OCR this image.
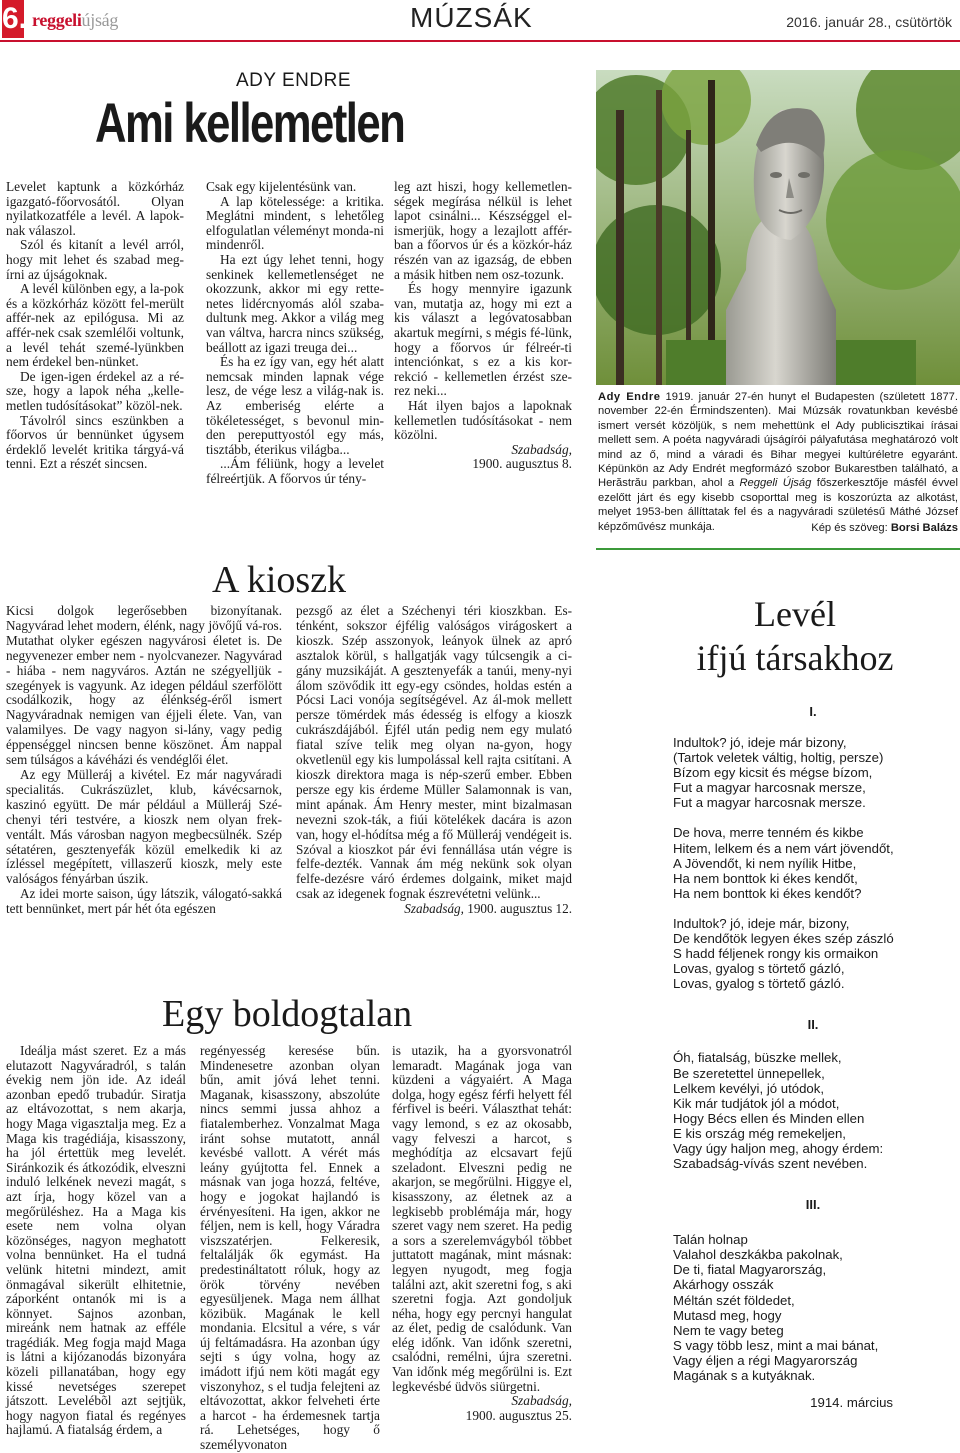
6. reggeliújság	MÚZSÁK	2016. január 28., csütörtök
ADY ENDRE
Ami kellemetlen

Levelet kaptunk a közkórház igazgató-főorvosától. Olyan nyilatkozatféle a levél. A lapok-nak válaszol.

Szól és kitanít a levél arról, hogy mit lehet és szabad meg-írni az újságoknak.

A levél különben egy, a la-pok és a közkórház között fel-merült affér-nek az epilógusa. Mi az affér-nek csak szemlélői voltunk, a levél tehát szemé-lyünkben nem érdekel ben-nünket.

De igen-igen érdekel az a ré-sze, hogy a lapok néha „kelle-metlen tudósításokat” közöl-nek.

Távolról sincs eszünkben a főorvos úr bennünket úgysem érdeklő levelét kritika tárgyá-vá tenni. Ezt a részét sincsen.

Csak egy kijelentésünk van.

A lap kötelessége: a kritika. Meglátni mindent, s lehetőleg elfogulatlan véleményt monda-ni mindenről.

Ha ezt úgy lehet tenni, hogy senkinek kellemetlenséget ne okozzunk, akkor mi egy rette-netes lidércnyomás alól szaba-dultunk meg. Akkor a világ meg van váltva, harcra nincs szükség, beállott az igazi treuga dei...

És ha ez így van, egy hét alatt nemcsak minden lapnak vége lesz, de vége lesz a világ-nak is. Az emberiség elérte a tökéletességet, s bevonul min-den pereputtyostól egy más, tisztább, éterikus világba...

...Ám féliünk, hogy a levelet félreértjük. A főorvos úr tény-

leg azt hiszi, hogy kellemetlen-ségek megírása nélkül is lehet lapot csinálni... Készséggel el-ismerjük, hogy a lezajlott affér-ban a főorvos úr és a közkór-ház részén van az igazság, de ebben a másik hitben nem osz-tozunk.

És hogy mennyire igazunk van, mutatja az, hogy mi ezt a kis választ a legóvatosabban akartuk megírni, s mégis fé-lünk, hogy a főorvos úr félreér-ti intenciónkat, s ez a kis kor-rekció - kellemetlen érzést sze-rez neki...

Hát ilyen bajos a lapoknak kellemetlen tudósításokat - nem közölni.

Szabadság,
1900. augusztus 8.
Ady Endre 1919. január 27-én hunyt el Budapesten (született 1877. november 22-én Érmindszenten). Mai Múzsák rovatunkban kevésbé ismert versét közöljük, s nem mehettünk el Ady publicisztikai írásai mellett sem. A poéta nagyváradi újságírói pályafutása meghatározó volt mind az ő, mind a váradi és Bihar megyei kultúréletre egyaránt. Képünkön az Ady Endrét megformázó szobor Bukarestben található, a Herăstrău parkban, ahol a Reggeli Újság főszerkesztője másfél évvel ezelőtt járt és egy kisebb csoporttal meg is koszorúzta az alkotást, melyet 1953-ben állíttatak fel és a nagyváradi születésű Máthé József képzőművész munkája.	Kép és szöveg: Borsi Balázs
A kioszk

Kicsi dolgok legerősebben bizonyítanak. Nagyvárad lehet modern, élénk, nagy jövőjű vá-ros. Mutathat olyker egészen nagyvárosi életet is. De negyvenezer ember nem - nyolcvanezer. Nagyvárad - hiába - nem nagyváros. Aztán ne szégyelljük - szegények is vagyunk. Az idegen például szerfölött csodálkozik, hogy az élénkség-éről ismert Nagyváradnak nemigen van éjjeli élete. Van, van valamilyes. De vagy nagyon si-lány, vagy pedig éppenséggel nincsen benne köszönet. Ám nappal sem túlságos a kávéházi és vendéglői élet.

Az egy Mülleráj a kivétel. Ez már nagyváradi specialitás. Cukrászüzlet, klub, kávécsarnok, kaszinó együtt. De már például a Mülleráj Szé-chenyi téri testvére, a kioszk nem olyan frek-ventált. Más városban nagyon megbecsülnék. Szép sétatéren, gesztenyefák közül emelkedik ki az ízléssel megépített, villaszerű kioszk, mely este valóságos fényárban úszik.

Az idei morte saison, úgy látszik, válogató-sakká tett bennünket, mert pár hét óta egészen

pezsgő az élet a Széchenyi téri kioszkban. Es-ténként, sokszor éjfélig valóságos virágoskert a kioszk. Szép asszonyok, leányok ülnek az apró asztalok körül, s hallgatják vagy túlcsengik a ci-gány muzsikáját. A gesztenyefák a tanúi, meny-nyi álom szövődik itt egy-egy csöndes, holdas estén a Pócsi Laci vonója segítségével. Az ál-mok mellett persze tömérdek más édesség is elfogy a kioszk cukrászdájából. Éjfél után pedig nem egy mulató fiatal szíve telik meg olyan na-gyon, hogy okvetlenül egy kis lumpolással kell rajta csitítani. A kioszk direktora maga is nép-szerű ember. Ebben persze egy kis érdeme Müller Salamonnak is van, mint apának. Ám Henry mester, mint bizalmasan nevezni szok-ták, a fiúi kötelékek dacára is azon van, hogy el-hódítsa még a fő Mülleráj vendégeit is. Szóval a kioszkot pár évi fennállása után végre is felfe-dezték. Vannak ám még nekünk sok olyan felfe-dezésre váró érdemes dolgaink, miket majd csak az idegenek fognak észrevétetni velünk...

Szabadság, 1900. augusztus 12.
Levél
ifjú társakhoz
I.
Indultok? jó, ideje már bizony,
(Tartok veletek váltig, holtig, persze)
Bízom egy kicsit és mégse bízom,
Fut a magyar harcosnak mersze,
Fut a magyar harcosnak mersze.
De hova, merre tenném és kikbe
Hitem, lelkem és a nem várt jövendőt,
A Jövendőt, ki nem nyílik Hitbe,
Ha nem bonttok ki ékes kendőt,
Ha nem bonttok ki ékes kendőt?
Indultok? jó, ideje már, bizony,
De kendőtök legyen ékes szép zászló
S hadd féljenek rongy kis ormaikon
Lovas, gyalog s törtető gázló,
Lovas, gyalog s törtető gázló.
II.
Óh, fiatalság, büszke mellek,
Be szeretettel ünnepellek,
Lelkem kevélyi, jó utódok,
Kik már tudjátok jól a módot,
Hogy Bécs ellen és Minden ellen
E kis ország még remekeljen,
Vagy úgy haljon meg, ahogy érdem:
Szabadság-vívás szent nevében.
III.
Talán holnap
Valahol deszkákba pakolnak,
De ti, fiatal Magyarország,
Akárhogy osszák
Méltán szét földedet,
Mutasd meg, hogy
Nem te vagy beteg
S vagy több lesz, mint a mai bánat,
Vagy éljen a régi Magyarország
Magának s a kutyáknak.
1914. március
Egy boldogtalan

Ideálja mást szeret. Ez a más elutazott Nagyváradról, s talán évekig nem jön ide. Az ideál azonban epedő trubadúr. Siratja az eltávozottat, s nem akarja, hogy Maga vigasztalja meg. Ez a Maga kis tragédiája, kisasszony, ha jól értettük meg levelét. Siránkozik és átkozódik, elveszni induló lelkének nevezi magát, s azt írja, hogy közel van a megőrüléshez. Ha a Maga kis esete nem volna olyan közönséges, nagyon meghatott volna bennünket. Ha el tudná velünk hitetni mindezt, amit önmagával sikerült elhitetnie, záporként ontanók mi is a könnyet. Sajnos azonban, mireánk nem hatnak az efféle tragédiák. Meg fogja majd Maga is látni a kijózanodás bizonyára közeli pillanatában, hogy egy kissé nevetséges szerepet játszott. Levelébõl azt sejtjük, hogy nagyon fiatal és regényes hajlamú. A fiatalság érdem, a

regényesség keresése bűn. Mindenesetre azonban olyan bűn, amit jóvá lehet tenni. Maganak, kisasszony, abszolúte nincs semmi jussa ahhoz a fiatalemberhez. Vonzalmat Maga iránt sohse mutatott, annál kevésbé vallott. A vérét más leány gyújtotta fel. Ennek a másnak van joga hozzá, feltéve, hogy e jogokat hajlandó is érvényesíteni. Ha igen, akkor ne féljen, nem is kell, hogy Váradra viszszatérjen. Felkeresik, feltalálják ők egymást. Ha predestináltatott róluk, hogy az örök törvény nevében egyesüljenek. Maga nem állhat közibük. Magának le kell mondania. Elcsitul a vére, s vár új feltámadásra. Ha azonban úgy sejti s úgy volna, hogy az imádott ifjú nem köti magát egy viszonyhoz, s el tudja felejteni az eltávozottat, akkor felveheti érte a harcot - ha érdemesnek tartja rá. Lehetséges, hogy ő személyvonaton

is utazik, ha a gyorsvonatról lemaradt. Magának joga van küzdeni a vágyaiért. A Maga dolga, hogy egész férfi helyett fél férfivel is beéri. Választhat tehát: vagy lemond, s ez az okosabb, vagy felveszi a harcot, s meghódítja az elcsavart fejű szeladont. Elveszni pedig ne akarjon, se megőrülni. Higgye el, kisasszony, az életnek az a legkisebb problémája már, hogy szeret vagy nem szeret. Ha pedig a sors a szerelemvágyból többet juttatott magának, mint másnak: legyen nyugodt, meg fogja találni azt, akit szeretni fog, s aki szeretni fogja. Azt gondoljuk néha, hogy egy percnyi hangulat az élet, pedig de csalódunk. Van elég időnk. Van időnk szeretni, csalódni, remélni, újra szeretni. Van időnk még megőrülni is. Ezt legkevésbé üdvös siürgetni.

Szabadság,
1900. augusztus 25.
